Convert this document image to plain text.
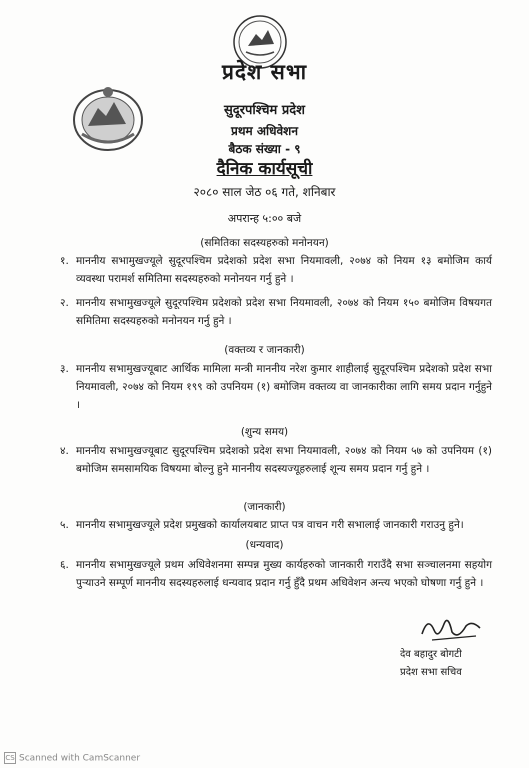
प्रदेश सभा
सुदूरपश्चिम प्रदेश
प्रथम अधिवेशन
बैठक संख्या - ९
दैनिक कार्यसूची
२०८० साल जेठ ०६ गते, शनिबार
अपरान्ह ५:०० बजे
(समितिका सदस्यहरुको मनोनयन)
१. माननीय सभामुखज्यूले सुदूरपश्चिम प्रदेशको प्रदेश सभा नियमावली, २०७४ को नियम १३ बमोजिम कार्य व्यवस्था परामर्श समितिमा सदस्यहरुको मनोनयन गर्नु हुने ।
२. माननीय सभामुखज्यूले सुदूरपश्चिम प्रदेशको प्रदेश सभा नियमावली, २०७४ को नियम १५० बमोजिम विषयगत समितिमा सदस्यहरुको मनोनयन गर्नु हुने ।
(वक्तव्य र जानकारी)
३. माननीय सभामुखज्यूबाट आर्थिक मामिला मन्त्री माननीय नरेश कुमार शाहीलाई सुदूरपश्चिम प्रदेशको प्रदेश सभा नियमावली, २०७४ को नियम १९९ को उपनियम (१) बमोजिम वक्तव्य वा जानकारीका लागि समय प्रदान गर्नुहुने ।
(शुन्य समय)
४. माननीय सभामुखज्यूबाट सुदूरपश्चिम प्रदेशको प्रदेश सभा नियमावली, २०७४ को नियम ५७ को उपनियम (१) बमोजिम समसामयिक विषयमा बोल्नु हुने माननीय सदस्यज्यूहरुलाई शून्य समय प्रदान गर्नु हुने ।
(जानकारी)
५. माननीय सभामुखज्यूले प्रदेश प्रमुखको कार्यालयबाट प्राप्त पत्र वाचन गरी सभालाई जानकारी गराउनु हुने।
(धन्यवाद)
६. माननीय सभामुखज्यूले प्रथम अधिवेशनमा सम्पन्न मुख्य कार्यहरुको जानकारी गराउँदै सभा सञ्चालनमा सहयोग पुर्‍याउने सम्पूर्ण माननीय सदस्यहरुलाई धन्यवाद प्रदान गर्नु हुँदै प्रथम अधिवेशन अन्त्य भएको घोषणा गर्नु हुने ।
देव बहादुर बोगटी
प्रदेश सभा सचिव
CS Scanned with CamScanner
